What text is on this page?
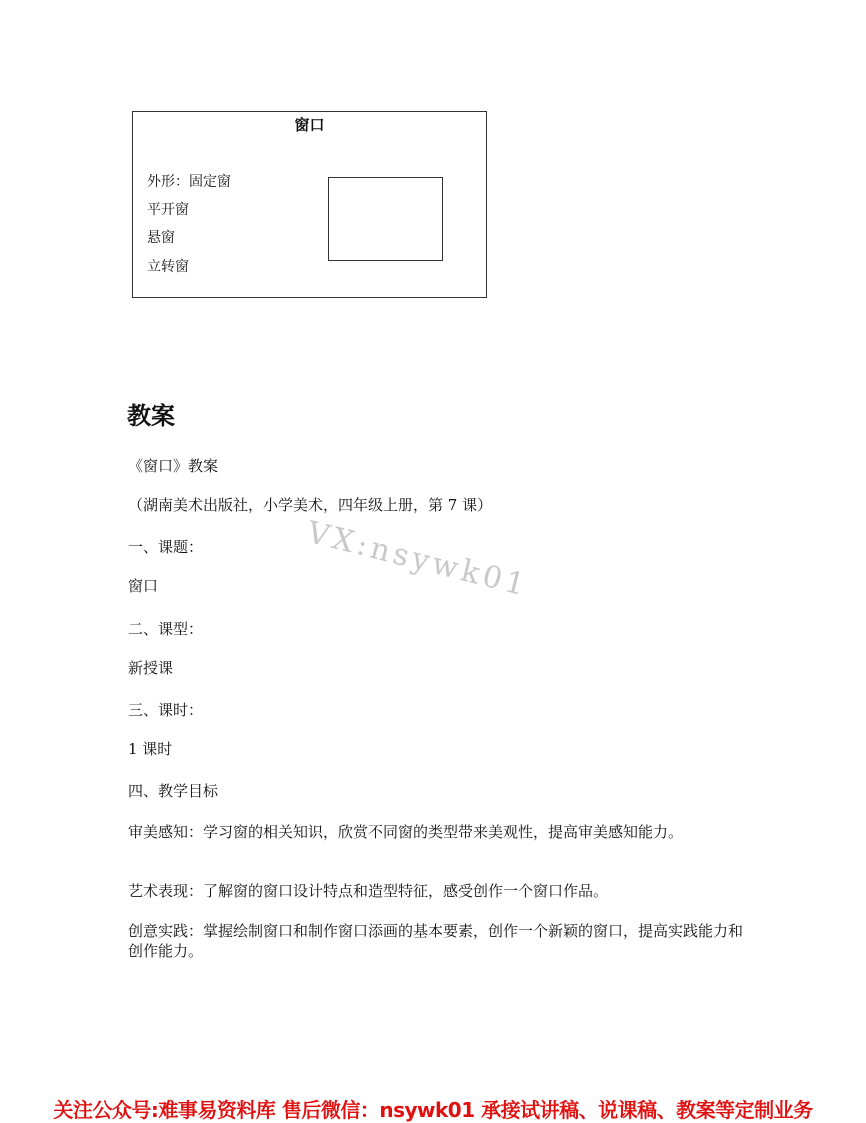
窗口
外形：固定窗
平开窗
悬窗
立转窗
教案
《窗口》教案
（湖南美术出版社，小学美术，四年级上册，第 7 课）
一、课题：
窗口
二、课型：
新授课
三、课时：
1 课时
四、教学目标
审美感知：学习窗的相关知识，欣赏不同窗的类型带来美观性，提高审美感知能力。
艺术表现：了解窗的窗口设计特点和造型特征，感受创作一个窗口作品。
创意实践：掌握绘制窗口和制作窗口添画的基本要素，创作一个新颖的窗口，提高实践能力和创作能力。
VX:nsywk01
关注公众号:难事易资料库 售后微信：nsywk01 承接试讲稿、说课稿、教案等定制业务
